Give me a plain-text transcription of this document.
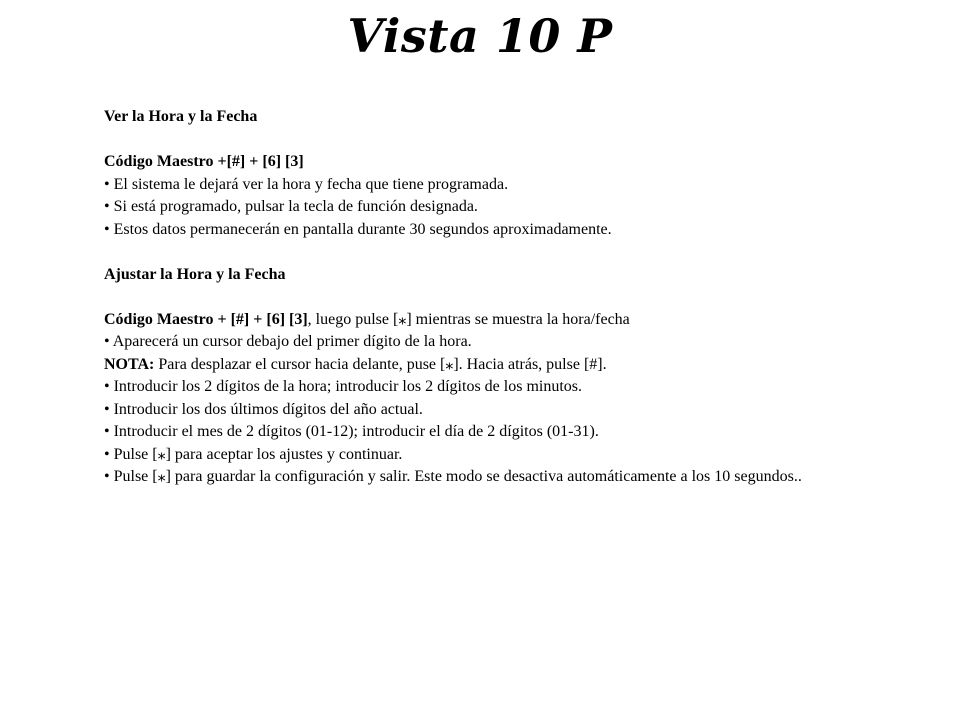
Vista 10 P

Ver la Hora y la Fecha

Código Maestro +[#] + [6] [3]

• El sistema le dejará ver la hora y fecha que tiene programada.

• Si está programado, pulsar la tecla de función designada.

• Estos datos permanecerán en pantalla durante 30 segundos aproximadamente.

Ajustar la Hora y la Fecha

Código Maestro + [#] + [6] [3], luego pulse [⁎] mientras se muestra la hora/fecha

• Aparecerá un cursor debajo del primer dígito de la hora.

NOTA: Para desplazar el cursor hacia delante, puse [⁎]. Hacia atrás, pulse [#].

• Introducir los 2 dígitos de la hora; introducir los 2 dígitos de los minutos.

• Introducir los dos últimos dígitos del año actual.

• Introducir el mes de 2 dígitos (01-12); introducir el día de 2 dígitos (01-31).

• Pulse [⁎] para aceptar los ajustes y continuar.

• Pulse [⁎] para guardar la configuración y salir. Este modo se desactiva automáticamente a los 10 segundos..
